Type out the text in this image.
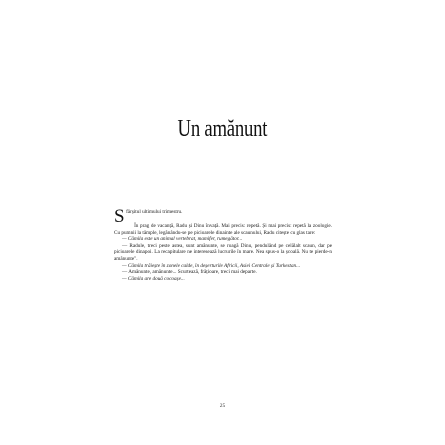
Un amănunt

S fârșitul ultimului trimestru.

În prag de vacanță, Radu și Dinu învață. Mai precis: repetă. Și mai precis: repetă la zoologie. Cu pumnii la tâmple, legănându-se pe picioarele dinainte ale scaunului, Radu citește cu glas tare:

— Cămila este un animal vertebrat, mamifer, rumegător...

— Radule, treci peste astea, sunt amănunte, se roagă Dinu, pendulând pe celălalt scaun, dar pe picioarele dinapoi. La recapitulare ne interesează lucrurile în mare. Nea spus-o la școală. Nu te pierde-n amănunte".

— Cămila trăiește în zonele calde, în deșerturile Africii, Asiei Centrale și Turkestan...

— Amănunte, amănunte... Scurtează, frățioare, treci mai departe.

— Cămila are două cocoașe...

25
